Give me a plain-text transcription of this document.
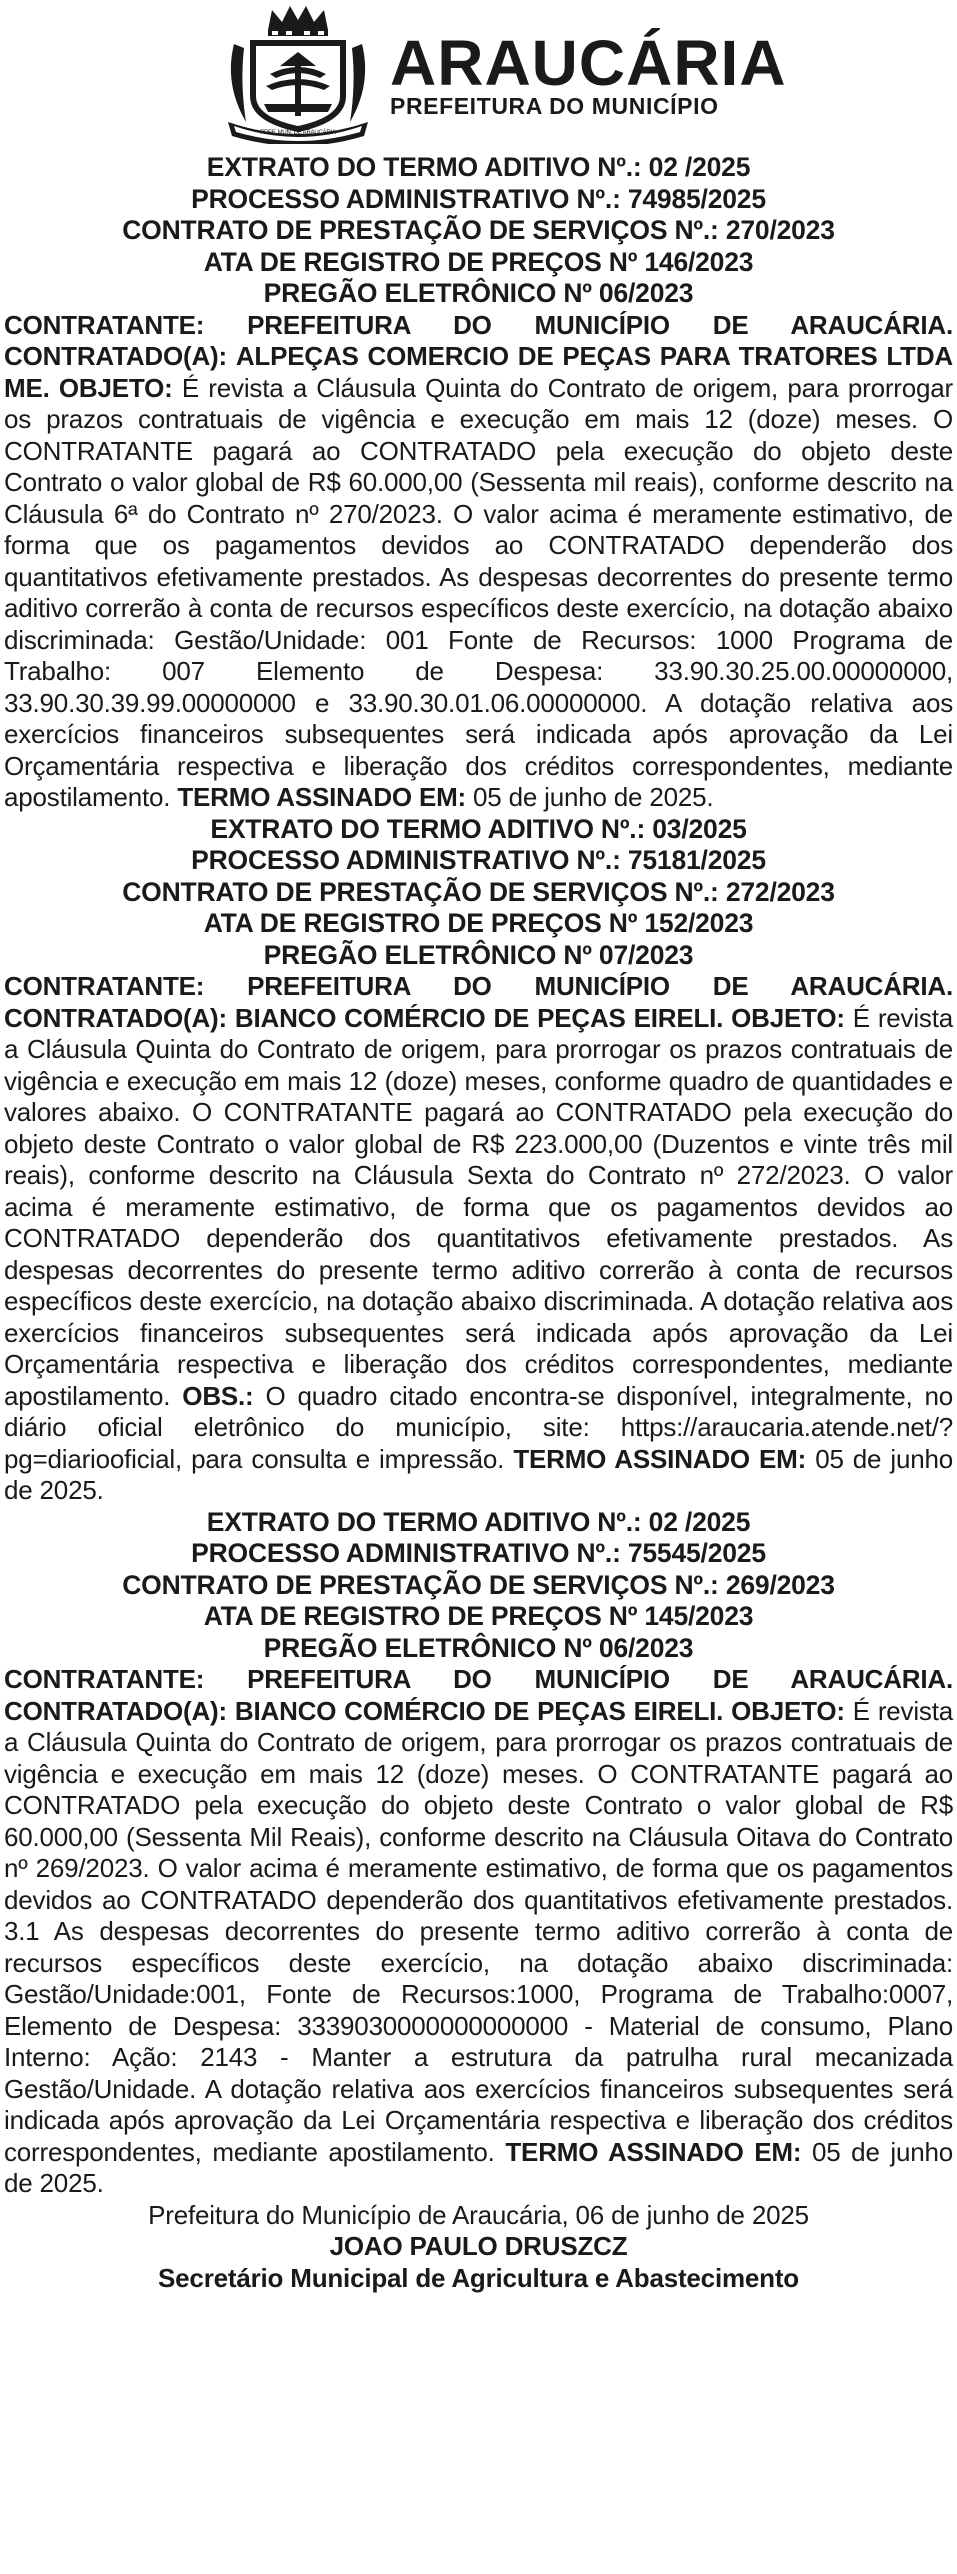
PREF. MUN. DE ARAUCÁRIA
ARAUCÁRIA
PREFEITURA DO MUNICÍPIO

EXTRATO DO TERMO ADITIVO Nº.: 02 /2025

PROCESSO ADMINISTRATIVO Nº.: 74985/2025

CONTRATO DE PRESTAÇÃO DE SERVIÇOS Nº.: 270/2023

ATA DE REGISTRO DE PREÇOS Nº 146/2023

PREGÃO ELETRÔNICO Nº 06/2023

CONTRATANTE: PREFEITURA DO MUNICÍPIO DE ARAUCÁRIA. CONTRATADO(A): ALPEÇAS COMERCIO DE PEÇAS PARA TRATORES LTDA ME. OBJETO: É revista a Cláusula Quinta do Contrato de origem, para prorrogar os prazos contratuais de vigência e execução em mais 12 (doze) meses. O CONTRATANTE pagará ao CONTRATADO pela execução do objeto deste Contrato o valor global de R$ 60.000,00 (Sessenta mil reais), conforme descrito na Cláusula 6ª do Contrato nº 270/2023. O valor acima é meramente estimativo, de forma que os pagamentos devidos ao CONTRATADO dependerão dos quantitativos efetivamente prestados. As despesas decorrentes do presente termo aditivo correrão à conta de recursos específicos deste exercício, na dotação abaixo discriminada: Gestão/Unidade: 001 Fonte de Recursos: 1000 Programa de Trabalho: 007 Elemento de Despesa: 33.90.30.25.00.00000000, 33.90.30.39.99.00000000 e 33.90.30.01.06.00000000. A dotação relativa aos exercícios financeiros subsequentes será indicada após aprovação da Lei Orçamentária respectiva e liberação dos créditos correspondentes, mediante apostilamento. TERMO ASSINADO EM: 05 de junho de 2025.

EXTRATO DO TERMO ADITIVO Nº.: 03/2025

PROCESSO ADMINISTRATIVO Nº.: 75181/2025

CONTRATO DE PRESTAÇÃO DE SERVIÇOS Nº.: 272/2023

ATA DE REGISTRO DE PREÇOS Nº 152/2023

PREGÃO ELETRÔNICO Nº 07/2023

CONTRATANTE: PREFEITURA DO MUNICÍPIO DE ARAUCÁRIA. CONTRATADO(A): BIANCO COMÉRCIO DE PEÇAS EIRELI. OBJETO: É revista a Cláusula Quinta do Contrato de origem, para prorrogar os prazos contratuais de vigência e execução em mais 12 (doze) meses, conforme quadro de quantidades e valores abaixo. O CONTRATANTE pagará ao CONTRATADO pela execução do objeto deste Contrato o valor global de R$ 223.000,00 (Duzentos e vinte três mil reais), conforme descrito na Cláusula Sexta do Contrato nº 272/2023. O valor acima é meramente estimativo, de forma que os pagamentos devidos ao CONTRATADO dependerão dos quantitativos efetivamente prestados. As despesas decorrentes do presente termo aditivo correrão à conta de recursos específicos deste exercício, na dotação abaixo discriminada. A dotação relativa aos exercícios financeiros subsequentes será indicada após aprovação da Lei Orçamentária respectiva e liberação dos créditos correspondentes, mediante apostilamento. OBS.: O quadro citado encontra-se disponível, integralmente, no diário oficial eletrônico do município, site: https://araucaria.atende.net/?pg=diariooficial, para consulta e impressão. TERMO ASSINADO EM: 05 de junho de 2025.

EXTRATO DO TERMO ADITIVO Nº.: 02 /2025

PROCESSO ADMINISTRATIVO Nº.: 75545/2025

CONTRATO DE PRESTAÇÃO DE SERVIÇOS Nº.: 269/2023

ATA DE REGISTRO DE PREÇOS Nº 145/2023

PREGÃO ELETRÔNICO Nº 06/2023

CONTRATANTE: PREFEITURA DO MUNICÍPIO DE ARAUCÁRIA. CONTRATADO(A): BIANCO COMÉRCIO DE PEÇAS EIRELI. OBJETO: É revista a Cláusula Quinta do Contrato de origem, para prorrogar os prazos contratuais de vigência e execução em mais 12 (doze) meses. O CONTRATANTE pagará ao CONTRATADO pela execução do objeto deste Contrato o valor global de R$ 60.000,00 (Sessenta Mil Reais), conforme descrito na Cláusula Oitava do Contrato nº 269/2023. O valor acima é meramente estimativo, de forma que os pagamentos devidos ao CONTRATADO dependerão dos quantitativos efetivamente prestados. 3.1 As despesas decorrentes do presente termo aditivo correrão à conta de recursos específicos deste exercício, na dotação abaixo discriminada: Gestão/Unidade:001, Fonte de Recursos:1000, Programa de Trabalho:0007, Elemento de Despesa: 3339030000000000000 - Material de consumo, Plano Interno: Ação: 2143 - Manter a estrutura da patrulha rural mecanizada Gestão/Unidade. A dotação relativa aos exercícios financeiros subsequentes será indicada após aprovação da Lei Orçamentária respectiva e liberação dos créditos correspondentes, mediante apostilamento. TERMO ASSINADO EM: 05 de junho de 2025.

Prefeitura do Município de Araucária, 06 de junho de 2025

JOAO PAULO DRUSZCZ

Secretário Municipal de Agricultura e Abastecimento
